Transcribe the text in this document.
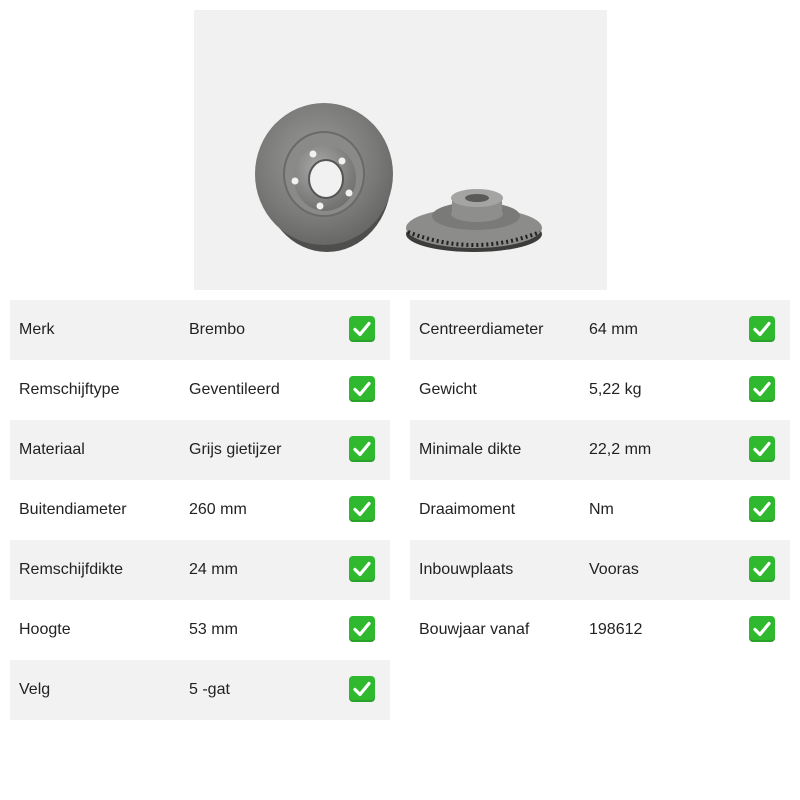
Merk	Brembo
Remschijftype	Geventileerd
Materiaal	Grijs gietijzer
Buitendiameter	260 mm
Remschijfdikte	24 mm
Hoogte	53 mm
Velg	5 -gat
Centreerdiameter	64 mm
Gewicht	5,22 kg
Minimale dikte	22,2 mm
Draaimoment	Nm
Inbouwplaats	Vooras
Bouwjaar vanaf	198612
